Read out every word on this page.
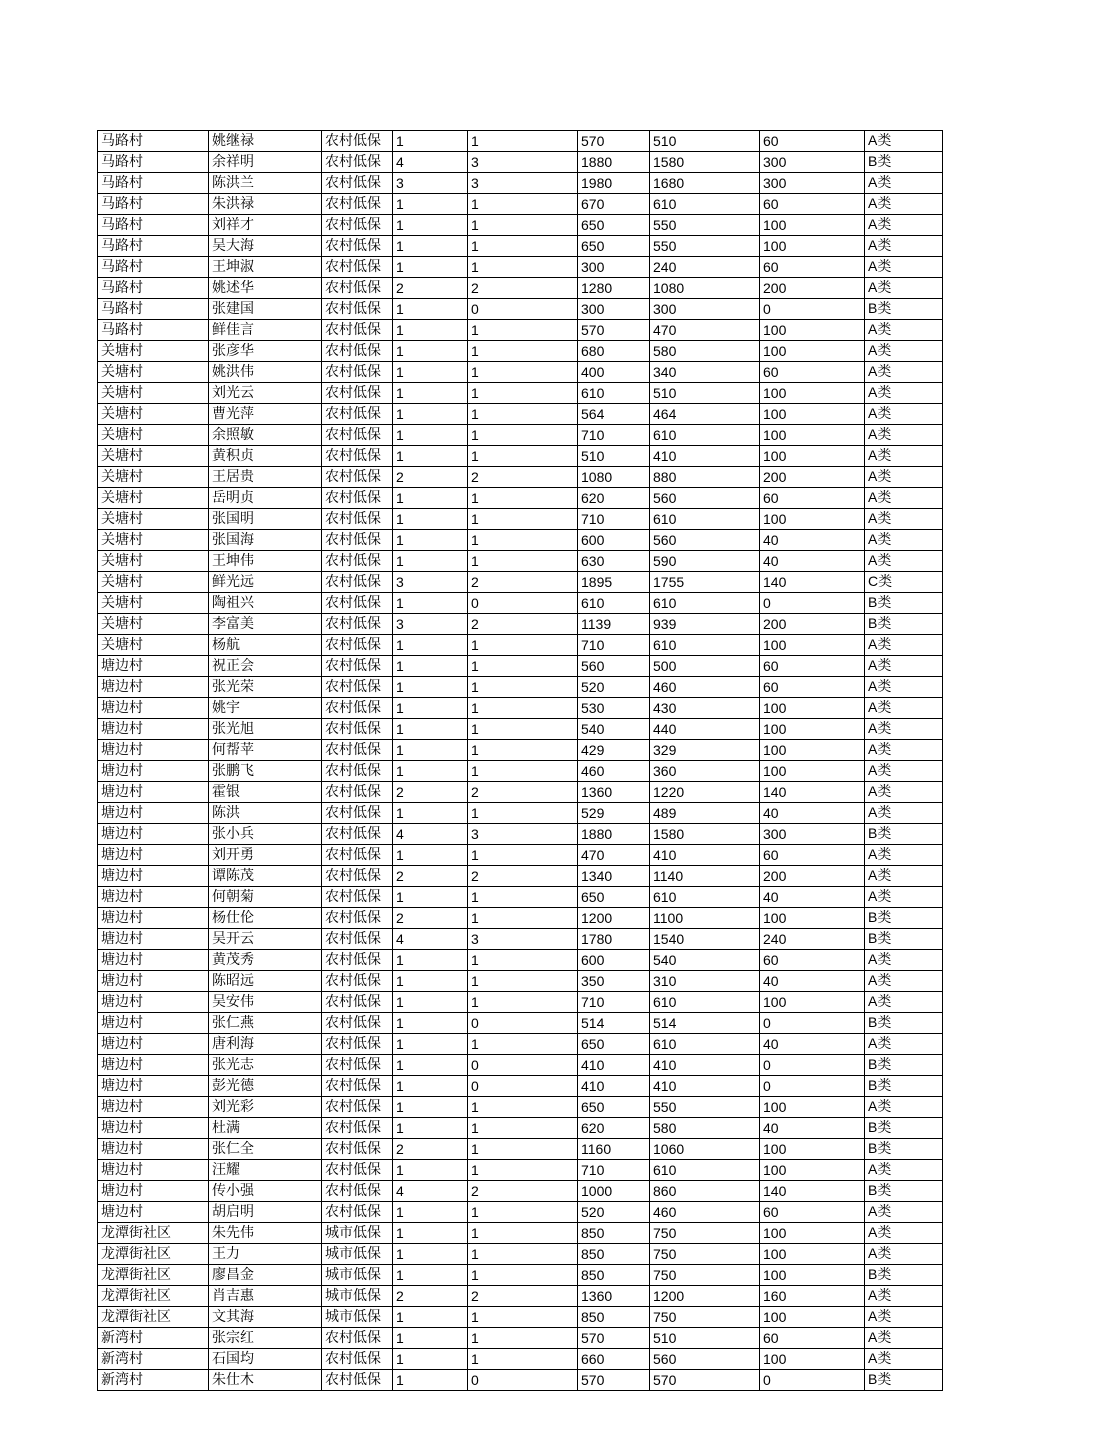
马路村	姚继禄	农村低保	1	1	570	510	60	A类
马路村	余祥明	农村低保	4	3	1880	1580	300	B类
马路村	陈洪兰	农村低保	3	3	1980	1680	300	A类
马路村	朱洪禄	农村低保	1	1	670	610	60	A类
马路村	刘祥才	农村低保	1	1	650	550	100	A类
马路村	吴大海	农村低保	1	1	650	550	100	A类
马路村	王坤淑	农村低保	1	1	300	240	60	A类
马路村	姚述华	农村低保	2	2	1280	1080	200	A类
马路村	张建国	农村低保	1	0	300	300	0	B类
马路村	鲜佳言	农村低保	1	1	570	470	100	A类
关塘村	张彦华	农村低保	1	1	680	580	100	A类
关塘村	姚洪伟	农村低保	1	1	400	340	60	A类
关塘村	刘光云	农村低保	1	1	610	510	100	A类
关塘村	曹光萍	农村低保	1	1	564	464	100	A类
关塘村	余照敏	农村低保	1	1	710	610	100	A类
关塘村	黄积贞	农村低保	1	1	510	410	100	A类
关塘村	王居贵	农村低保	2	2	1080	880	200	A类
关塘村	岳明贞	农村低保	1	1	620	560	60	A类
关塘村	张国明	农村低保	1	1	710	610	100	A类
关塘村	张国海	农村低保	1	1	600	560	40	A类
关塘村	王坤伟	农村低保	1	1	630	590	40	A类
关塘村	鲜光远	农村低保	3	2	1895	1755	140	C类
关塘村	陶祖兴	农村低保	1	0	610	610	0	B类
关塘村	李富美	农村低保	3	2	1139	939	200	B类
关塘村	杨航	农村低保	1	1	710	610	100	A类
塘边村	祝正会	农村低保	1	1	560	500	60	A类
塘边村	张光荣	农村低保	1	1	520	460	60	A类
塘边村	姚宇	农村低保	1	1	530	430	100	A类
塘边村	张光旭	农村低保	1	1	540	440	100	A类
塘边村	何帮苹	农村低保	1	1	429	329	100	A类
塘边村	张鹏飞	农村低保	1	1	460	360	100	A类
塘边村	霍银	农村低保	2	2	1360	1220	140	A类
塘边村	陈洪	农村低保	1	1	529	489	40	A类
塘边村	张小兵	农村低保	4	3	1880	1580	300	B类
塘边村	刘开勇	农村低保	1	1	470	410	60	A类
塘边村	谭陈茂	农村低保	2	2	1340	1140	200	A类
塘边村	何朝菊	农村低保	1	1	650	610	40	A类
塘边村	杨仕伦	农村低保	2	1	1200	1100	100	B类
塘边村	吴开云	农村低保	4	3	1780	1540	240	B类
塘边村	黄茂秀	农村低保	1	1	600	540	60	A类
塘边村	陈昭远	农村低保	1	1	350	310	40	A类
塘边村	吴安伟	农村低保	1	1	710	610	100	A类
塘边村	张仁燕	农村低保	1	0	514	514	0	B类
塘边村	唐利海	农村低保	1	1	650	610	40	A类
塘边村	张光志	农村低保	1	0	410	410	0	B类
塘边村	彭光德	农村低保	1	0	410	410	0	B类
塘边村	刘光彩	农村低保	1	1	650	550	100	A类
塘边村	杜满	农村低保	1	1	620	580	40	B类
塘边村	张仁全	农村低保	2	1	1160	1060	100	B类
塘边村	汪耀	农村低保	1	1	710	610	100	A类
塘边村	传小强	农村低保	4	2	1000	860	140	B类
塘边村	胡启明	农村低保	1	1	520	460	60	A类
龙潭街社区	朱先伟	城市低保	1	1	850	750	100	A类
龙潭街社区	王力	城市低保	1	1	850	750	100	A类
龙潭街社区	廖昌金	城市低保	1	1	850	750	100	B类
龙潭街社区	肖吉惠	城市低保	2	2	1360	1200	160	A类
龙潭街社区	文其海	城市低保	1	1	850	750	100	A类
新湾村	张宗红	农村低保	1	1	570	510	60	A类
新湾村	石国均	农村低保	1	1	660	560	100	A类
新湾村	朱仕木	农村低保	1	0	570	570	0	B类
